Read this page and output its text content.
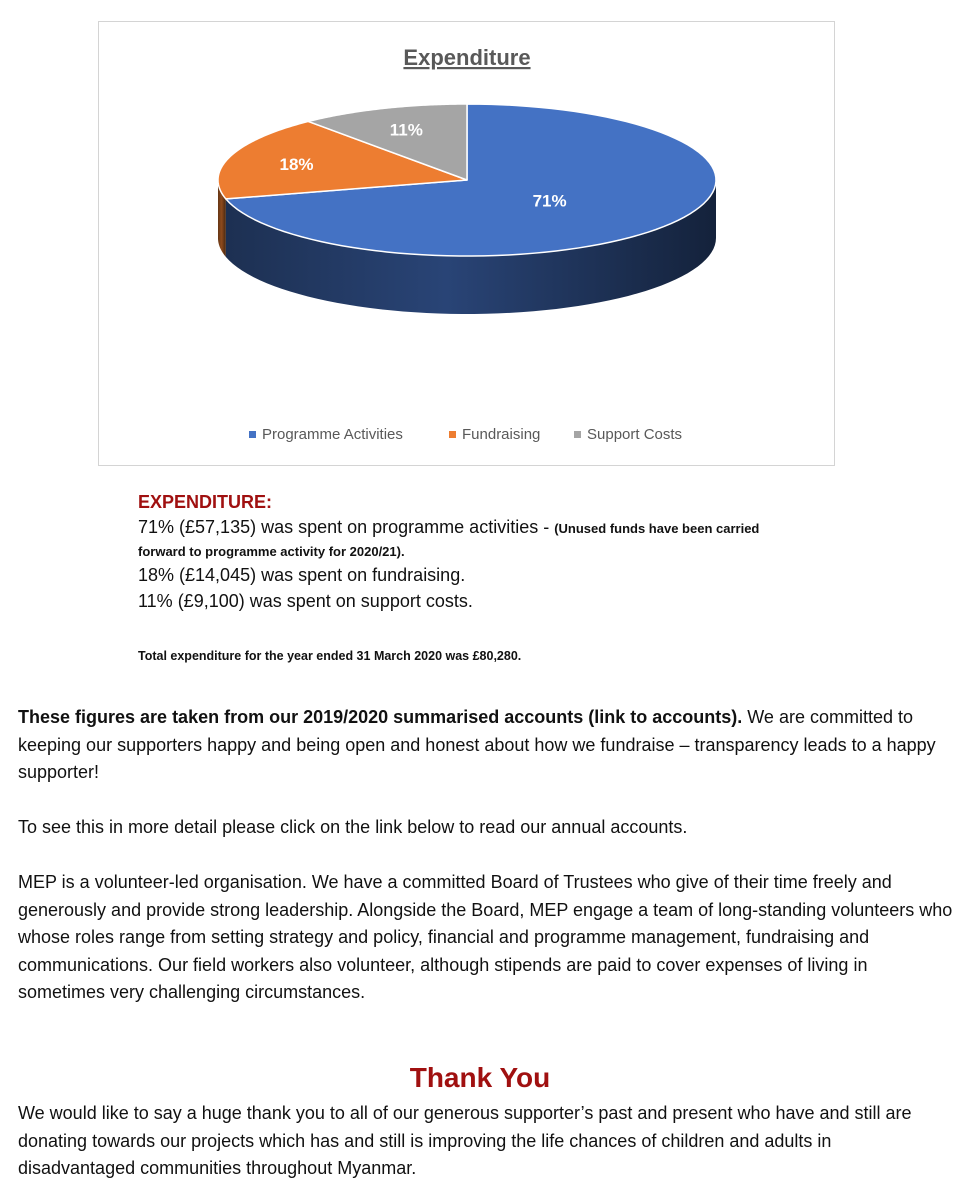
Expenditure
71%
18%
11%
Programme Activities	Fundraising	Support Costs

EXPENDITURE:

71% (£57,135) was spent on programme activities - (Unused funds have been carried

forward to programme activity for 2020/21).

18% (£14,045) was spent on fundraising.

11% (£9,100) was spent on support costs.

Total expenditure for the year ended 31 March 2020 was £80,280.

These figures are taken from our 2019/2020 summarised accounts (link to accounts). We are committed to keeping our supporters happy and being open and honest about how we fundraise – transparency leads to a happy supporter!

To see this in more detail please click on the link below to read our annual accounts.

MEP is a volunteer-led organisation. We have a committed Board of Trustees who give of their time freely and generously and provide strong leadership. Alongside the Board, MEP engage a team of long-standing volunteers who whose roles range from setting strategy and policy, financial and programme management, fundraising and communications. Our field workers also volunteer, although stipends are paid to cover expenses of living in sometimes very challenging circumstances.

Thank You

We would like to say a huge thank you to all of our generous supporter’s past and present who have and still are donating towards our projects which has and still is improving the life chances of children and adults in disadvantaged communities throughout Myanmar.
